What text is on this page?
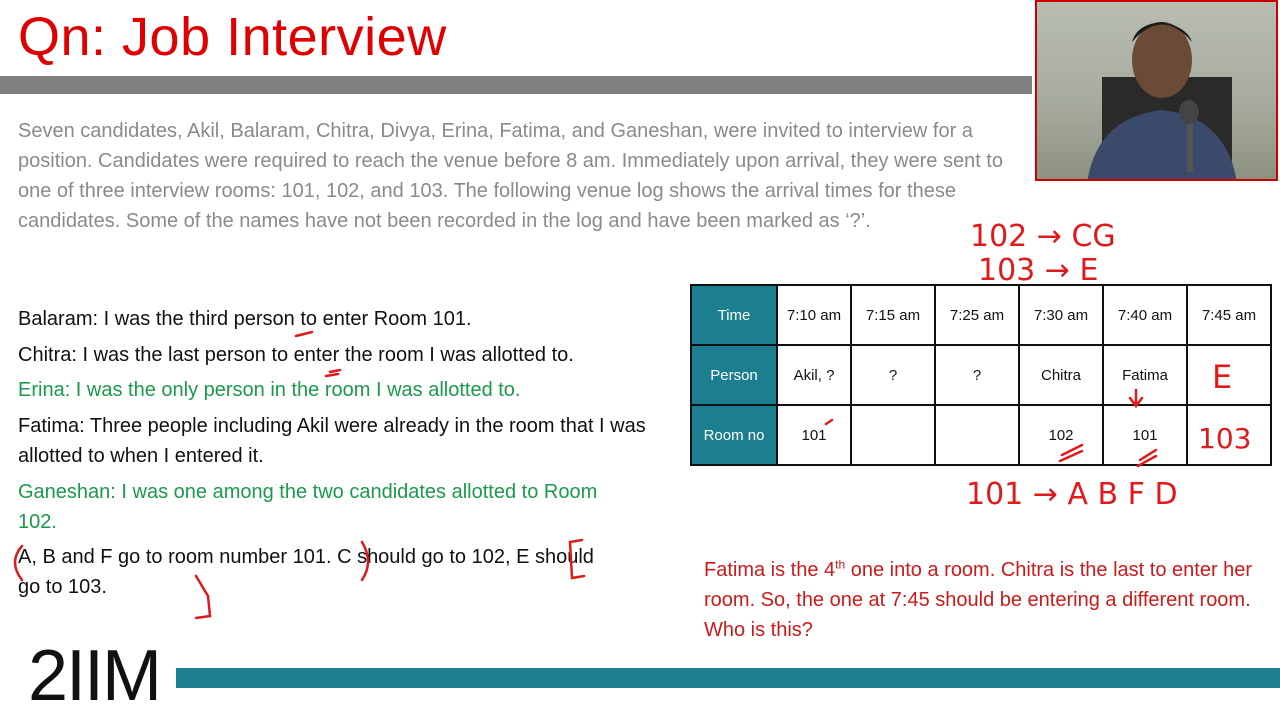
Qn: Job Interview

Seven candidates, Akil, Balaram, Chitra, Divya, Erina, Fatima, and Ganeshan, were invited to interview for a position. Candidates were required to reach the venue before 8 am. Immediately upon arrival, they were sent to one of three interview rooms: 101, 102, and 103. The following venue log shows the arrival times for these candidates. Some of the names have not been recorded in the log and have been marked as ‘?’.

Balaram: I was the third person to enter Room 101.

Chitra: I was the last person to enter the room I was allotted to.

Erina: I was the only person in the room I was allotted to.

Fatima: Three people including Akil were already in the room that I was allotted to when I entered it.

Ganeshan: I was one among the two candidates allotted to Room 102.

A, B and F go to room number 101. C should go to 102, E should go to 103.

Time	7:10 am	7:15 am	7:25 am	7:30 am	7:40 am	7:45 am
Person	Akil, ?	?	?	Chitra	Fatima	
Room no	101			102	101	

Fatima is the 4th one into a room. Chitra is the last to enter her room. So, the one at 7:45 should be entering a different room. Who is this?

2IIM
102 → CG
103 → E
101 → A B F D
E
103
